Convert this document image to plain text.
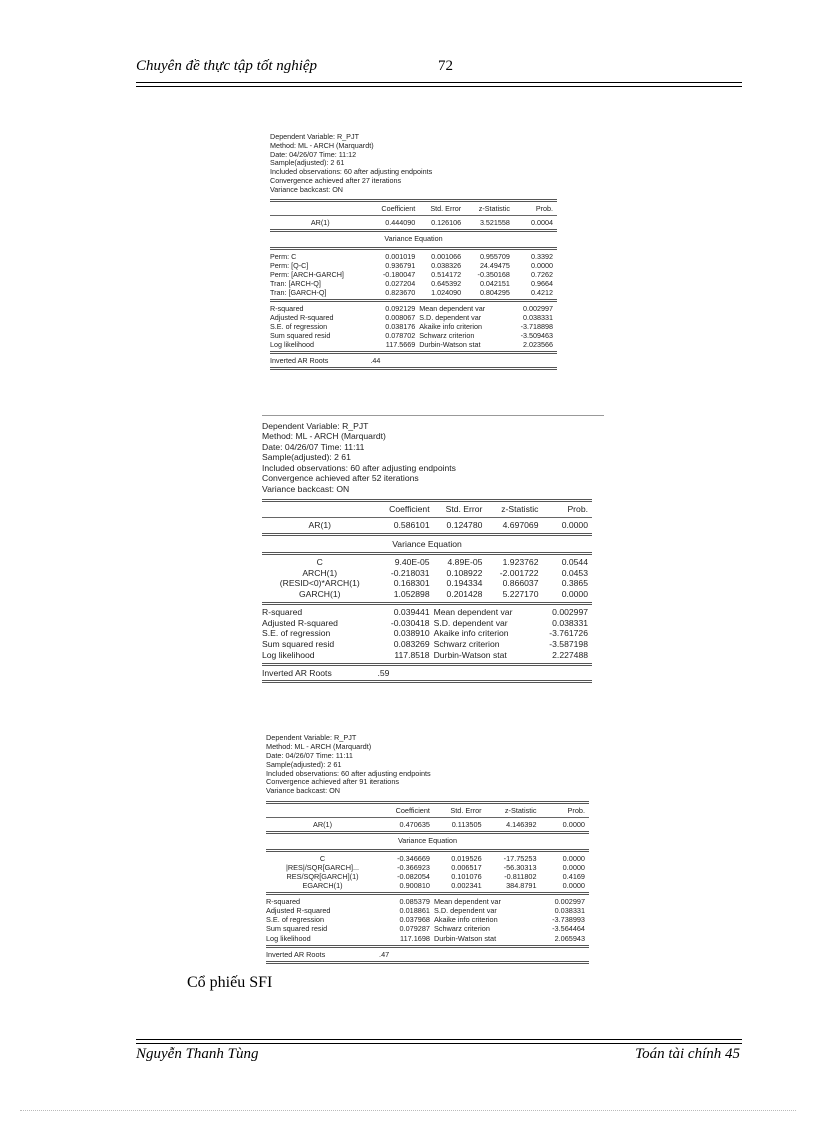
Chuyên đề thực tập tốt nghiệp	72
Dependent Variable: R_PJT
Method: ML - ARCH (Marquardt)
Date: 04/26/07 Time: 11:12
Sample(adjusted): 2 61
Included observations: 60 after adjusting endpoints
Convergence achieved after 27 iterations
Variance backcast: ON
	Coefficient	Std. Error	z-Statistic	Prob.
AR(1)	0.444090	0.126106	3.521558	0.0004
Variance Equation
Perm: C	0.001019	0.001066	0.955709	0.3392
Perm: [Q-C]	0.936791	0.038326	24.49475	0.0000
Perm: [ARCH-GARCH]	-0.180047	0.514172	-0.350168	0.7262
Tran: [ARCH-Q]	0.027204	0.645392	0.042151	0.9664
Tran: [GARCH-Q]	0.823670	1.024090	0.804295	0.4212
R-squared	0.092129	Mean dependent var	0.002997
Adjusted R-squared	0.008067	S.D. dependent var	0.038331
S.E. of regression	0.038176	Akaike info criterion	-3.718898
Sum squared resid	0.078702	Schwarz criterion	-3.509463
Log likelihood	117.5669	Durbin-Watson stat	2.023566
Inverted AR Roots	.44
Dependent Variable: R_PJT
Method: ML - ARCH (Marquardt)
Date: 04/26/07 Time: 11:11
Sample(adjusted): 2 61
Included observations: 60 after adjusting endpoints
Convergence achieved after 52 iterations
Variance backcast: ON
	Coefficient	Std. Error	z-Statistic	Prob.
AR(1)	0.586101	0.124780	4.697069	0.0000
Variance Equation
C	9.40E-05	4.89E-05	1.923762	0.0544
ARCH(1)	-0.218031	0.108922	-2.001722	0.0453
(RESID<0)*ARCH(1)	0.168301	0.194334	0.866037	0.3865
GARCH(1)	1.052898	0.201428	5.227170	0.0000
R-squared	0.039441	Mean dependent var	0.002997
Adjusted R-squared	-0.030418	S.D. dependent var	0.038331
S.E. of regression	0.038910	Akaike info criterion	-3.761726
Sum squared resid	0.083269	Schwarz criterion	-3.587198
Log likelihood	117.8518	Durbin-Watson stat	2.227488
Inverted AR Roots	.59
Dependent Variable: R_PJT
Method: ML - ARCH (Marquardt)
Date: 04/26/07 Time: 11:11
Sample(adjusted): 2 61
Included observations: 60 after adjusting endpoints
Convergence achieved after 91 iterations
Variance backcast: ON
	Coefficient	Std. Error	z-Statistic	Prob.
AR(1)	0.470635	0.113505	4.146392	0.0000
Variance Equation
C	-0.346669	0.019526	-17.75253	0.0000
|RES|/SQR[GARCH]...	-0.366923	0.006517	-56.30313	0.0000
RES/SQR[GARCH](1)	-0.082054	0.101076	-0.811802	0.4169
EGARCH(1)	0.900810	0.002341	384.8791	0.0000
R-squared	0.085379	Mean dependent var	0.002997
Adjusted R-squared	0.018861	S.D. dependent var	0.038331
S.E. of regression	0.037968	Akaike info criterion	-3.738993
Sum squared resid	0.079287	Schwarz criterion	-3.564464
Log likelihood	117.1698	Durbin-Watson stat	2.065943
Inverted AR Roots	.47
Cổ phiếu SFI
Nguyễn Thanh Tùng	Toán tài chính 45
